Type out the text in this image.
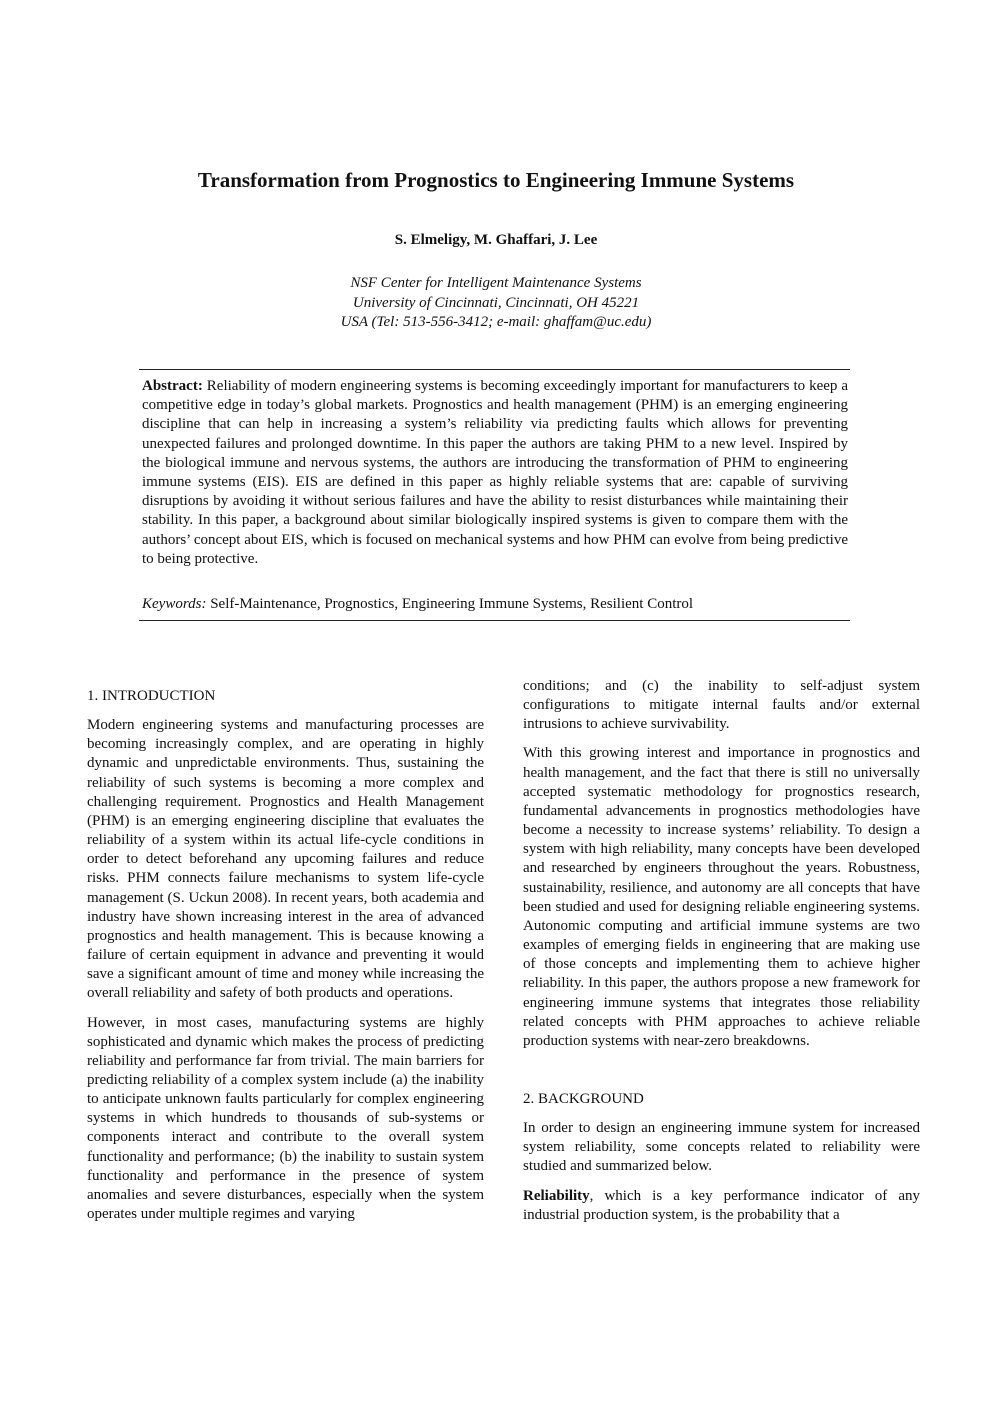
Transformation from Prognostics to Engineering Immune Systems
S. Elmeligy, M. Ghaffari, J. Lee
NSF Center for Intelligent Maintenance Systems
University of Cincinnati, Cincinnati, OH 45221
USA (Tel: 513-556-3412; e-mail: ghaffam@uc.edu)

Abstract: Reliability of modern engineering systems is becoming exceedingly important for manufacturers to keep a competitive edge in today’s global markets. Prognostics and health management (PHM) is an emerging engineering discipline that can help in increasing a system’s reliability via predicting faults which allows for preventing unexpected failures and prolonged downtime. In this paper the authors are taking PHM to a new level. Inspired by the biological immune and nervous systems, the authors are introducing the transformation of PHM to engineering immune systems (EIS). EIS are defined in this paper as highly reliable systems that are: capable of surviving disruptions by avoiding it without serious failures and have the ability to resist disturbances while maintaining their stability. In this paper, a background about similar biologically inspired systems is given to compare them with the authors’ concept about EIS, which is focused on mechanical systems and how PHM can evolve from being predictive to being protective.

Keywords: Self-Maintenance, Prognostics, Engineering Immune Systems, Resilient Control

1. INTRODUCTION

Modern engineering systems and manufacturing processes are becoming increasingly complex, and are operating in highly dynamic and unpredictable environments. Thus, sustaining the reliability of such systems is becoming a more complex and challenging requirement. Prognostics and Health Management (PHM) is an emerging engineering discipline that evaluates the reliability of a system within its actual life-cycle conditions in order to detect beforehand any upcoming failures and reduce risks. PHM connects failure mechanisms to system life-cycle management (S. Uckun 2008). In recent years, both academia and industry have shown increasing interest in the area of advanced prognostics and health management. This is because knowing a failure of certain equipment in advance and preventing it would save a significant amount of time and money while increasing the overall reliability and safety of both products and operations.

However, in most cases, manufacturing systems are highly sophisticated and dynamic which makes the process of predicting reliability and performance far from trivial. The main barriers for predicting reliability of a complex system include (a) the inability to anticipate unknown faults particularly for complex engineering systems in which hundreds to thousands of sub-systems or components interact and contribute to the overall system functionality and performance; (b) the inability to sustain system functionality and performance in the presence of system anomalies and severe disturbances, especially when the system operates under multiple regimes and varying

conditions; and (c) the inability to self-adjust system configurations to mitigate internal faults and/or external intrusions to achieve survivability.

With this growing interest and importance in prognostics and health management, and the fact that there is still no universally accepted systematic methodology for prognostics research, fundamental advancements in prognostics methodologies have become a necessity to increase systems’ reliability. To design a system with high reliability, many concepts have been developed and researched by engineers throughout the years. Robustness, sustainability, resilience, and autonomy are all concepts that have been studied and used for designing reliable engineering systems. Autonomic computing and artificial immune systems are two examples of emerging fields in engineering that are making use of those concepts and implementing them to achieve higher reliability. In this paper, the authors propose a new framework for engineering immune systems that integrates those reliability related concepts with PHM approaches to achieve reliable production systems with near-zero breakdowns.

2. BACKGROUND

In order to design an engineering immune system for increased system reliability, some concepts related to reliability were studied and summarized below.

Reliability, which is a key performance indicator of any industrial production system, is the probability that a
